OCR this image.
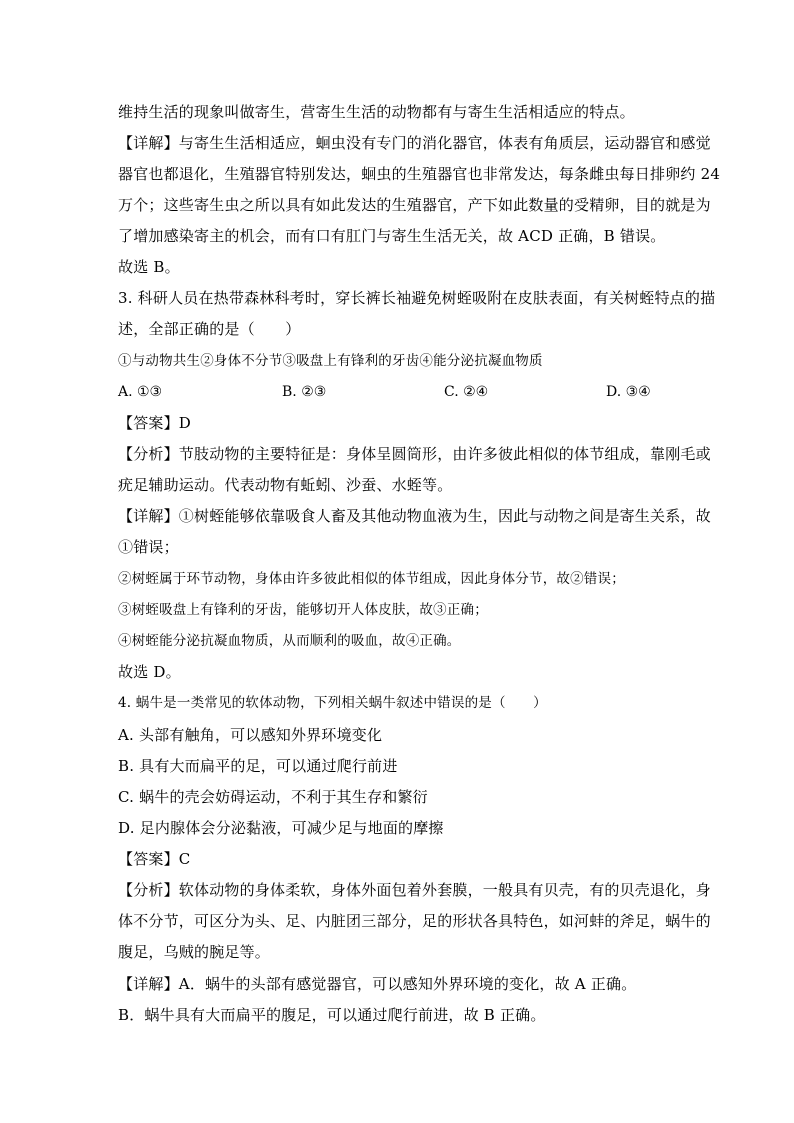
维持生活的现象叫做寄生，营寄生生活的动物都有与寄生生活相适应的特点。
【详解】与寄生生活相适应，蛔虫没有专门的消化器官，体表有角质层，运动器官和感觉
器官也都退化，生殖器官特别发达，蛔虫的生殖器官也非常发达，每条雌虫每日排卵约 24
万个；这些寄生虫之所以具有如此发达的生殖器官，产下如此数量的受精卵，目的就是为
了增加感染寄主的机会，而有口有肛门与寄生生活无关，故 ACD 正确，B 错误。
故选 B。
3. 科研人员在热带森林科考时，穿长裤长袖避免树蛭吸附在皮肤表面，有关树蛭特点的描
述，全部正确的是（　　）
①与动物共生②身体不分节③吸盘上有锋利的牙齿④能分泌抗凝血物质
A. ①③	B. ②③	C. ②④	D. ③④
【答案】D
【分析】节肢动物的主要特征是：身体呈圆筒形，由许多彼此相似的体节组成，靠刚毛或
疣足辅助运动。代表动物有蚯蚓、沙蚕、水蛭等。
【详解】①树蛭能够依靠吸食人畜及其他动物血液为生，因此与动物之间是寄生关系，故
①错误；
②树蛭属于环节动物，身体由许多彼此相似的体节组成，因此身体分节，故②错误；
③树蛭吸盘上有锋利的牙齿，能够切开人体皮肤，故③正确；
④树蛭能分泌抗凝血物质，从而顺利的吸血，故④正确。
故选 D。
4. 蜗牛是一类常见的软体动物，下列相关蜗牛叙述中错误的是（　　）
A. 头部有触角，可以感知外界环境变化
B. 具有大而扁平的足，可以通过爬行前进
C. 蜗牛的壳会妨碍运动，不利于其生存和繁衍
D. 足内腺体会分泌黏液，可减少足与地面的摩擦
【答案】C
【分析】软体动物的身体柔软，身体外面包着外套膜，一般具有贝壳，有的贝壳退化，身
体不分节，可区分为头、足、内脏团三部分，足的形状各具特色，如河蚌的斧足，蜗牛的
腹足，乌贼的腕足等。
【详解】A．蜗牛的头部有感觉器官，可以感知外界环境的变化，故 A 正确。
B．蜗牛具有大而扁平的腹足，可以通过爬行前进，故 B 正确。
